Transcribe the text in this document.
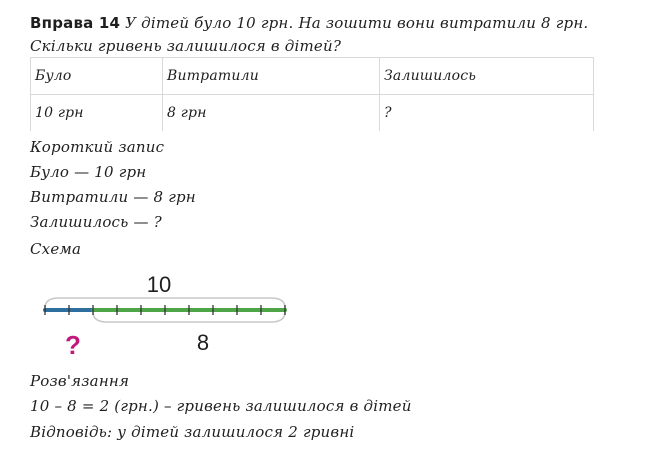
Вправа 14 У дітей було 10 грн. На зошити вони витратили 8 грн. Скільки гривень залишилося в дітей?
Було	Витратили	Залишилось
10 грн	8 грн	?
Короткий запис
Було — 10 грн
Витратили — 8 грн
Залишилось — ?
Схема
10
?	8
Розв'язання
10 – 8 = 2 (грн.) – гривень залишилося в дітей
Відповідь: у дітей залишилося 2 гривні
